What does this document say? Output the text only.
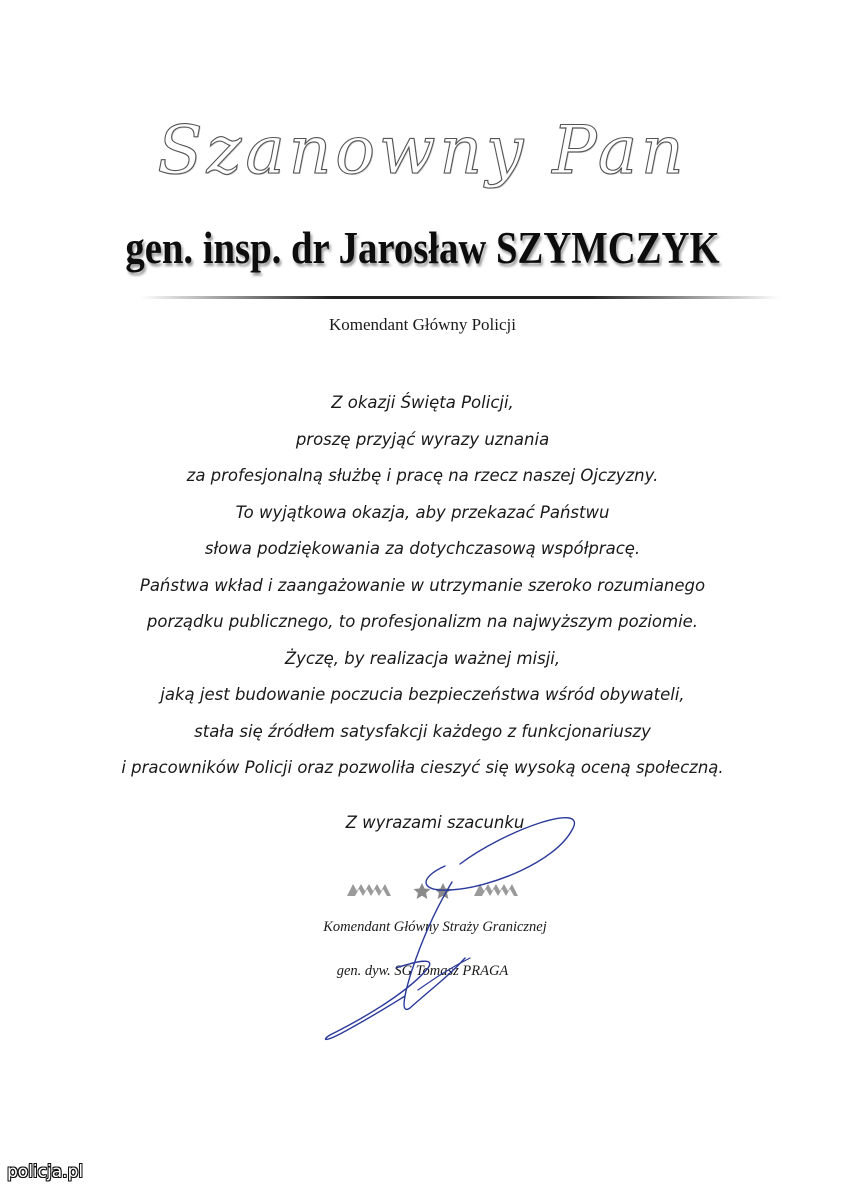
Szanowny Pan
gen. insp. dr Jarosław SZYMCZYK
Komendant Główny Policji
Z okazji Święta Policji,
proszę przyjąć wyrazy uznania
za profesjonalną służbę i pracę na rzecz naszej Ojczyzny.
To wyjątkowa okazja, aby przekazać Państwu
słowa podziękowania za dotychczasową współpracę.
Państwa wkład i zaangażowanie w utrzymanie szeroko rozumianego
porządku publicznego, to profesjonalizm na najwyższym poziomie.
Życzę, by realizacja ważnej misji,
jaką jest budowanie poczucia bezpieczeństwa wśród obywateli,
stała się źródłem satysfakcji każdego z funkcjonariuszy
i pracowników Policji oraz pozwoliła cieszyć się wysoką oceną społeczną.
Z wyrazami szacunku
Komendant Główny Straży Granicznej
gen. dyw. SG Tomasz PRAGA
policja.pl
